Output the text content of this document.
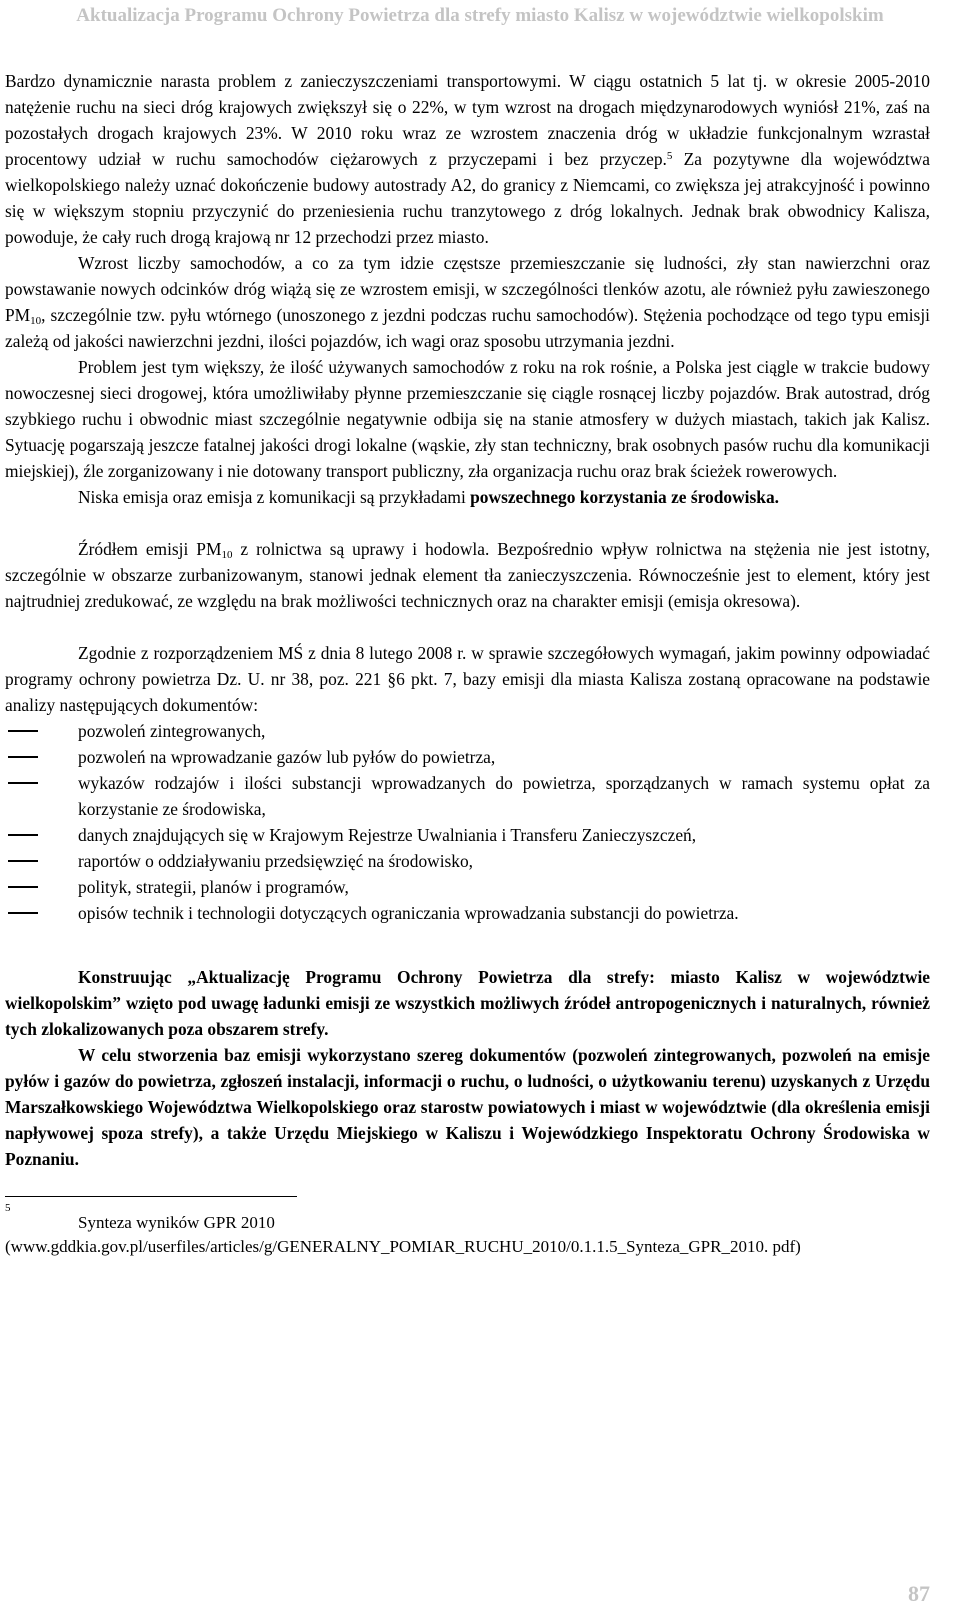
Aktualizacja Programu Ochrony Powietrza dla strefy miasto Kalisz w województwie wielkopolskim

Bardzo dynamicznie narasta problem z zanieczyszczeniami transportowymi. W ciągu ostatnich 5 lat tj. w okresie 2005-2010 natężenie ruchu na sieci dróg krajowych zwiększył się o 22%, w tym wzrost na drogach międzynarodowych wyniósł 21%, zaś na pozostałych drogach krajowych 23%. W 2010 roku wraz ze wzrostem znaczenia dróg w układzie funkcjonalnym wzrastał procentowy udział w ruchu samochodów ciężarowych z przyczepami i bez przyczep.$^5$ Za pozytywne dla województwa wielkopolskiego należy uznać dokończenie budowy autostrady A2, do granicy z Niemcami, co zwiększa jej atrakcyjność i powinno się w większym stopniu przyczynić do przeniesienia ruchu tranzytowego z dróg lokalnych. Jednak brak obwodnicy Kalisza, powoduje, że cały ruch drogą krajową nr 12 przechodzi przez miasto.

Wzrost liczby samochodów, a co za tym idzie częstsze przemieszczanie się ludności, zły stan nawierzchni oraz powstawanie nowych odcinków dróg wiążą się ze wzrostem emisji, w szczególności tlenków azotu, ale również pyłu zawieszonego $PM_{10}$, szczególnie tzw. pyłu wtórnego (unoszonego z jezdni podczas ruchu samochodów). Stężenia pochodzące od tego typu emisji zależą od jakości nawierzchni jezdni, ilości pojazdów, ich wagi oraz sposobu utrzymania jezdni.

Problem jest tym większy, że ilość używanych samochodów z roku na rok rośnie, a Polska jest ciągle w trakcie budowy nowoczesnej sieci drogowej, która umożliwiłaby płynne przemieszczanie się ciągle rosnącej liczby pojazdów. Brak autostrad, dróg szybkiego ruchu i obwodnic miast szczególnie negatywnie odbija się na stanie atmosfery w dużych miastach, takich jak Kalisz. Sytuację pogarszają jeszcze fatalnej jakości drogi lokalne (wąskie, zły stan techniczny, brak osobnych pasów ruchu dla komunikacji miejskiej), źle zorganizowany i nie dotowany transport publiczny, zła organizacja ruchu oraz brak ścieżek rowerowych.

Niska emisja oraz emisja z komunikacji są przykładami powszechnego korzystania ze środowiska.

Źródłem emisji $PM_{10}$ z rolnictwa są uprawy i hodowla. Bezpośrednio wpływ rolnictwa na stężenia nie jest istotny, szczególnie w obszarze zurbanizowanym, stanowi jednak element tła zanieczyszczenia. Równocześnie jest to element, który jest najtrudniej zredukować, ze względu na brak możliwości technicznych oraz na charakter emisji (emisja okresowa).

Zgodnie z rozporządzeniem MŚ z dnia 8 lutego 2008 r. w sprawie szczegółowych wymagań, jakim powinny odpowiadać programy ochrony powietrza Dz. U. nr 38, poz. 221 §6 pkt. 7, bazy emisji dla miasta Kalisza zostaną opracowane na podstawie analizy następujących dokumentów:

pozwoleń zintegrowanych,
pozwoleń na wprowadzanie gazów lub pyłów do powietrza,
wykazów rodzajów i ilości substancji wprowadzanych do powietrza, sporządzanych w ramach systemu opłat za korzystanie ze środowiska,
danych znajdujących się w Krajowym Rejestrze Uwalniania i Transferu Zanieczyszczeń,
raportów o oddziaływaniu przedsięwzięć na środowisko,
polityk, strategii, planów i programów,
opisów technik i technologii dotyczących ograniczania wprowadzania substancji do powietrza.

Konstruując „Aktualizację Programu Ochrony Powietrza dla strefy: miasto Kalisz w województwie wielkopolskim” wzięto pod uwagę ładunki emisji ze wszystkich możliwych źródeł antropogenicznych i naturalnych, również tych zlokalizowanych poza obszarem strefy.

W celu stworzenia baz emisji wykorzystano szereg dokumentów (pozwoleń zintegrowanych, pozwoleń na emisje pyłów i gazów do powietrza, zgłoszeń instalacji, informacji o ruchu, o ludności, o użytkowaniu terenu) uzyskanych z Urzędu Marszałkowskiego Województwa Wielkopolskiego oraz starostw powiatowych i miast w województwie (dla określenia emisji napływowej spoza strefy), a także Urzędu Miejskiego w Kaliszu i Wojewódzkiego Inspektoratu Ochrony Środowiska w Poznaniu.

5
Synteza wyników GPR 2010
(www.gddkia.gov.pl/userfiles/articles/g/GENERALNY_POMIAR_RUCHU_2010/0.1.1.5_Synteza_GPR_2010. pdf)
87
